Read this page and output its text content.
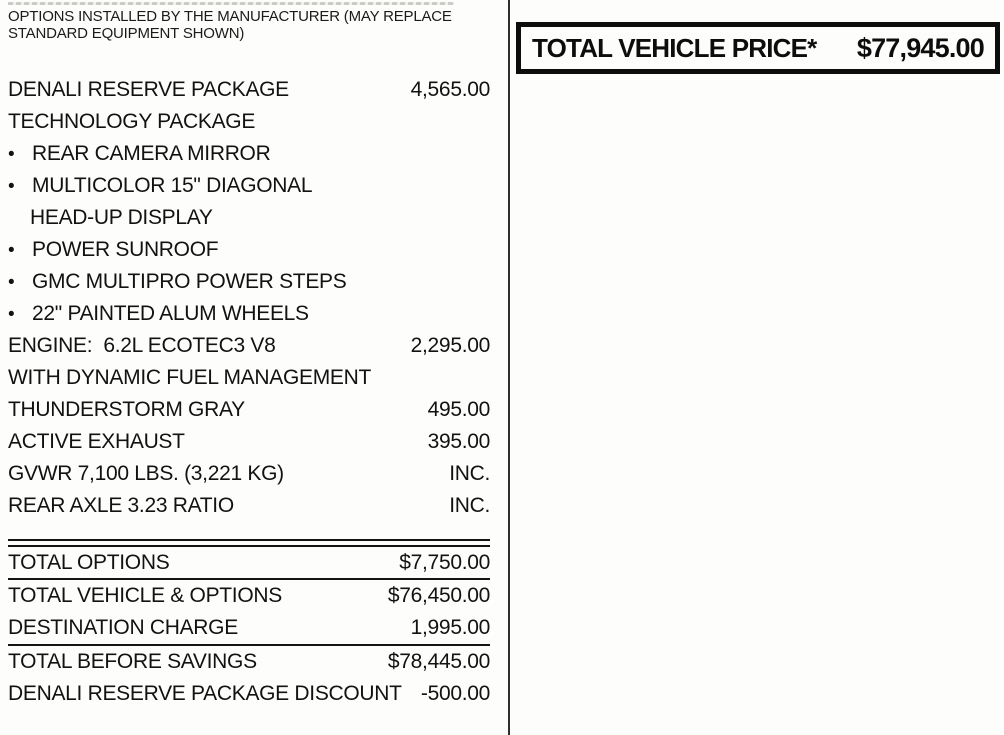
OPTIONS INSTALLED BY THE MANUFACTURER (MAY REPLACE
STANDARD EQUIPMENT SHOWN)
DENALI RESERVE PACKAGE	4,565.00
TECHNOLOGY PACKAGE
• REAR CAMERA MIRROR
• MULTICOLOR 15" DIAGONAL
HEAD-UP DISPLAY
• POWER SUNROOF
• GMC MULTIPRO POWER STEPS
• 22" PAINTED ALUM WHEELS
ENGINE:  6.2L ECOTEC3 V8	2,295.00
WITH DYNAMIC FUEL MANAGEMENT
THUNDERSTORM GRAY	495.00
ACTIVE EXHAUST	395.00
GVWR 7,100 LBS. (3,221 KG)	INC.
REAR AXLE 3.23 RATIO	INC.
TOTAL OPTIONS	$7,750.00
TOTAL VEHICLE & OPTIONS	$76,450.00
DESTINATION CHARGE	1,995.00
TOTAL BEFORE SAVINGS	$78,445.00
DENALI RESERVE PACKAGE DISCOUNT -500.00
TOTAL VEHICLE PRICE* $77,945.00
